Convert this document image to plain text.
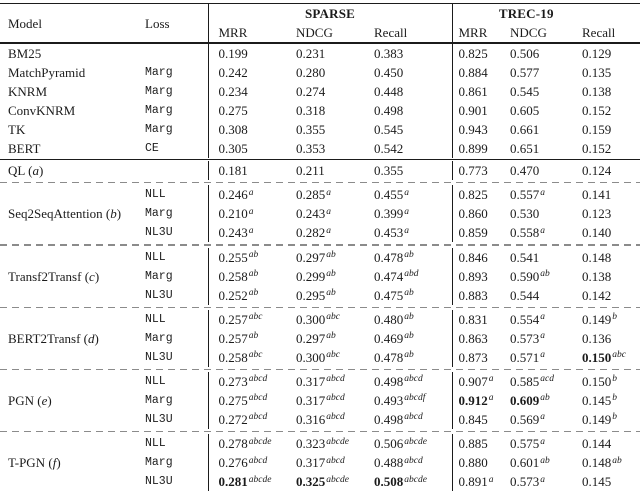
Model	Loss	SPARSE			TREC-19		
		MRR	NDCG	Recall	MRR	NDCG	Recall
BM25		0.199	0.231	0.383	0.825	0.506	0.129
MatchPyramid	Marg	0.242	0.280	0.450	0.884	0.577	0.135
KNRM	Marg	0.234	0.274	0.448	0.861	0.545	0.138
ConvKNRM	Marg	0.275	0.318	0.498	0.901	0.605	0.152
TK	Marg	0.308	0.355	0.545	0.943	0.661	0.159
BERT	CE	0.305	0.353	0.542	0.899	0.651	0.152

QL (a)		0.181	0.211	0.355	0.773	0.470	0.124

Seq2SeqAttention (b)	NLL	0.246$^a$	0.285$^a$	0.455$^a$	0.825	0.557$^a$	0.141
	Marg	0.210$^a$	0.243$^a$	0.399$^a$	0.860	0.530	0.123
	NL3U	0.243$^a$	0.282$^a$	0.453$^a$	0.859	0.558$^a$	0.140

Transf2Transf (c)	NLL	0.255$^{ab}$	0.297$^{ab}$	0.478$^{ab}$	0.846	0.541	0.148
	Marg	0.258$^{ab}$	0.299$^{ab}$	0.474$^{abd}$	0.893	0.590$^{ab}$	0.138
	NL3U	0.252$^{ab}$	0.295$^{ab}$	0.475$^{ab}$	0.883	0.544	0.142

BERT2Transf (d)	NLL	0.257$^{abc}$	0.300$^{abc}$	0.480$^{ab}$	0.831	0.554$^a$	0.149$^b$
	Marg	0.257$^{ab}$	0.297$^{ab}$	0.469$^{ab}$	0.863	0.573$^a$	0.136
	NL3U	0.258$^{abc}$	0.300$^{abc}$	0.478$^{ab}$	0.873	0.571$^a$	0.150$^{abc}$

PGN (e)	NLL	$0.273^{abcd}$	$0.317^{abcd}$	$0.498^{abcd}$	0.907$^a$	0.585$^{acd}$	0.150$^b$
	Marg	$0.275^{abcd}$	$0.317^{abcd}$	$0.493^{abcdf}$	0.912$^a$	0.609$^{ab}$	0.145$^b$
	NL3U	$0.272^{abcd}$	$0.316^{abcd}$	$0.498^{abcd}$	0.845	0.569$^a$	0.149$^b$

T-PGN (f)	NLL	$0.278^{abcde}$	$0.323^{abcde}$	$0.506^{abcde}$	0.885	0.575$^a$	0.144
	Marg	$0.276^{abcd}$	$0.317^{abcd}$	$0.488^{abcd}$	0.880	0.601$^{ab}$	0.148$^{ab}$
	NL3U	$0.281^{abcde}$	$0.325^{abcde}$	$0.508^{abcde}$	0.891$^a$	0.573$^a$	0.145
